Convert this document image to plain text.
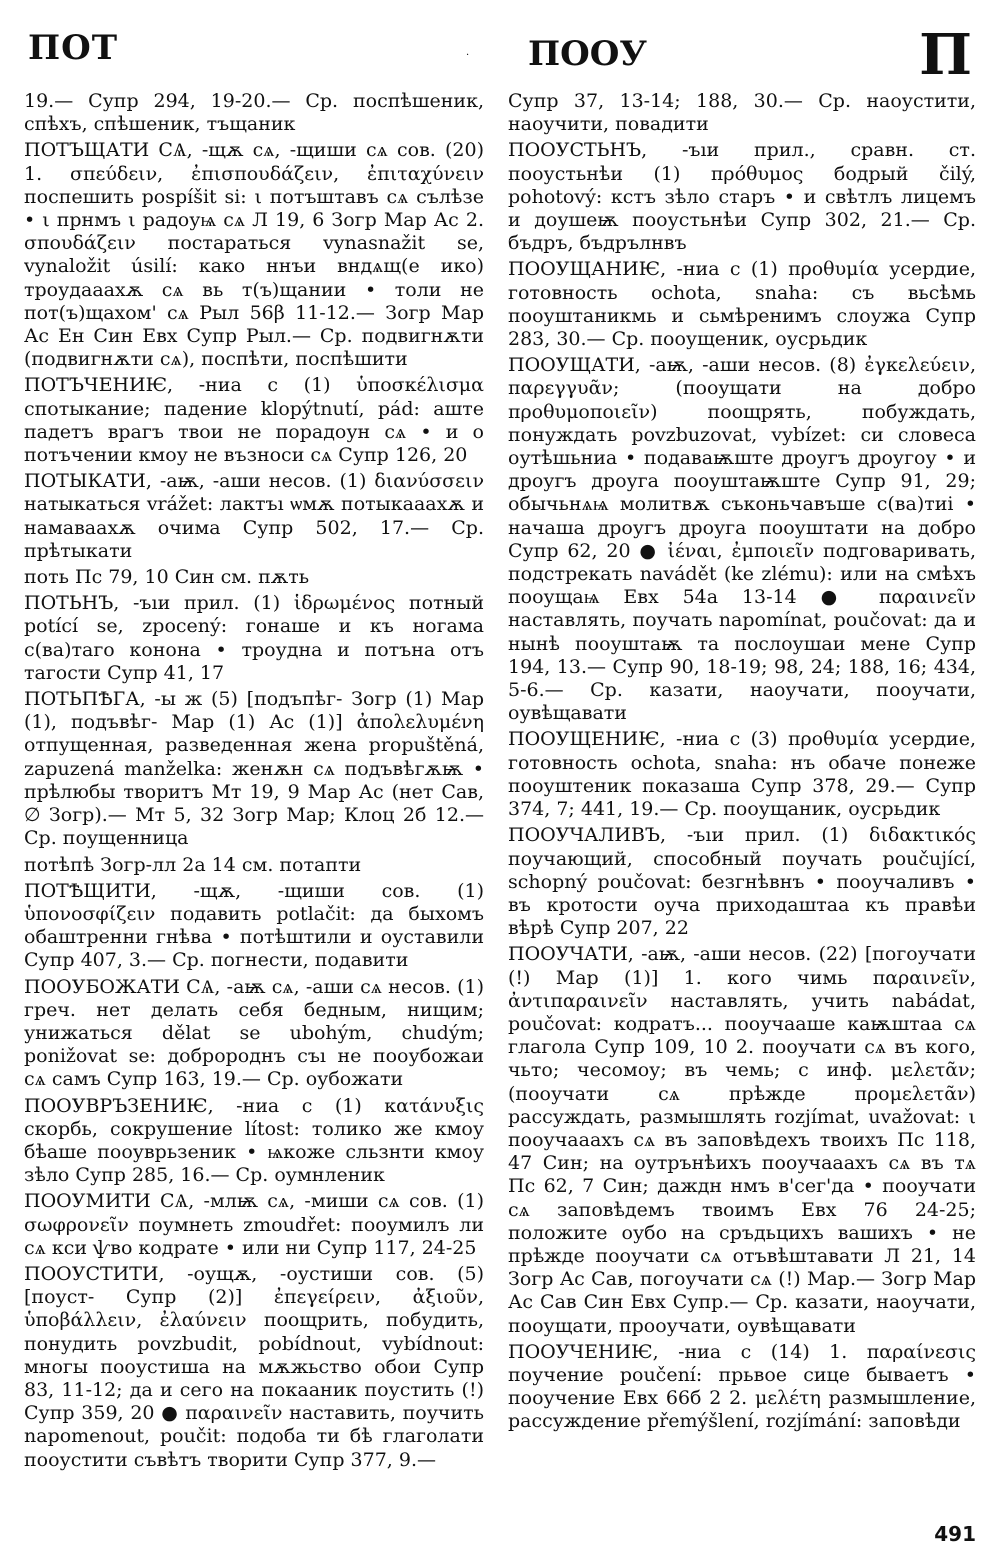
ПОТ	· ПООУ	П

19.— Супр 294, 19-20.— Ср. поспѣшеник, спѣхъ, спѣшеник, тъщаник

ПОТЪЩАТИ СѦ, -щѫ сѧ, -щиши сѧ сов. (20) 1. σπεύδειν, ἐπισπουδάζειν, ἐπιταχύνειν поспешить pospíšit si: ι потъштавъ сѧ сълѣзе • ι прнмъ ι радоуѩ сѧ Л 19, 6 Зогр Мар Ас 2. σπουδάζειν постараться vynasnažit se, vynaložit úsilí: како ннъи вндѧщ(е ико) троудааахѫ сѧ вь т(ъ)щании • толи не пот(ъ)щахом' сѧ Рыл 56β 11-12.— Зогр Мар Ас Ен Син Евх Супр Рыл.— Ср. подвигнѫти (подвигнѫти сѧ), поспѣти, поспѣшити

ПОТЪЧЕНИѤ, -ниа с (1) ὑποσκέλισμα спотыкание; падение klopýtnutí, pád: аште падетъ врагъ твои не порадоун сѧ • и о потъчении кмоу не възноси сѧ Супр 126, 20

ПОТЫКАТИ, -аѭ, -аши несов. (1) διανύσσειν натыкаться vrážet: лактъı ѡмѫ потыкааахѫ и намаваахѫ очима Супр 502, 17.— Ср. прѣтыкати

поть Пс 79, 10 Син см. пѫть

ПОТЬНЪ, -ъıи прил. (1) ἱδρωμένος потный potící se, zpocený: гонаше и къ ногама с(ва)таго конона • троудна и потъна отъ тагости Супр 41, 17

ПОТЬПѢГА, -ы ж (5) [подъпѣг- Зогр (1) Мар (1), подъвѣг- Мар (1) Ас (1)] ἀπολελυμένη отпущенная, разведенная жена propuštěná, zapuzená manželka: женѫн сѧ подъвѣгѫѭ • прѣлюбы творитъ Мт 19, 9 Мар Ас (нет Сав, ∅ Зогр).— Мт 5, 32 Зогр Мар; Клоц 2б 12.— Ср. поущенница

потѣпѣ Зогр-лл 2а 14 см. потапти

ПОТѢЩИТИ, -щѫ, -щиши сов. (1) ὑπονοσφίζειν подавить potlačit: да быхомъ обаштренни гнѣва • потѣштили и оуставили Супр 407, 3.— Ср. погнести, подавити

ПООУБОЖАТИ СѦ, -аѭ сѧ, -аши сѧ несов. (1) греч. нет делать себя бедным, нищим; унижаться dělat se ubohým, chudým; ponižovat se: добророднъ съı не пооубожаи сѧ самъ Супр 163, 19.— Ср. оубожати

ПООУВРЪЗЕНИѤ, -ниа с (1) κατάνυξις скорбь, сокрушение lítost: толико же кмоу бѣаше пооуврьзеник • ѩкоже сльзнти кмоу зѣло Супр 285, 16.— Ср. оумнленик

ПООУМИТИ СѦ, -млѭ сѧ, -миши сѧ сов. (1) σωφρονεῖν поумнеть zmoudřet: пооумилъ ли сѧ кси ѱво кодрате • или ни Супр 117, 24-25

ПООУСТИТИ, -оущѫ, -оустиши сов. (5) [поуст- Супр (2)] ἐπεγείρειν, ἀξιοῦν, ὑποβάλλειν, ἐλαύνειν поощрить, побудить, понудить povzbudit, pobídnout, vybídnout: многы пооустиша на мѫжьство обои Супр 83, 11-12; да и сего на покааник поустить (!) Супр 359, 20 ● παραινεῖν наставить, поучить napomenout, poučit: подоба ти бѣ глаголати пооустити съвѣтъ творити Супр 377, 9.—

Супр 37, 13-14; 188, 30.— Ср. наоустити, наоучити, повадити

ПООУСТЬНЪ, -ъıи прил., сравн. ст. пооустьнѣи (1) πρόθυμος бодрый čilý, pohotový: кстъ зѣло старъ • и свѣтлъ лицемъ и доушеѭ пооустьнѣи Супр 302, 21.— Ср. бъдръ, бъдрълнвъ

ПООУЩАНИѤ, -ниа с (1) προθυμία усердие, готовность ochota, snaha: съ вьсѣмь пооуштаникмь и сьмѣренимъ слоужа Супр 283, 30.— Ср. пооущеник, оусрьдик

ПООУЩАТИ, -аѭ, -аши несов. (8) ἐγκελεύειν, παρεγγυᾶν; (пооущати на добро προθυμοποιεῖν) поощрять, побуждать, понуждать povzbuzovat, vybízet: си словеса оутѣшьниа • подаваѭште дроугъ дроугоу • и дроугъ дроуга пооуштаѭште Супр 91, 29; обычьнѧѩ молитвѫ съконьчавъше с(ва)тиі • начаша дроугъ дроуга пооуштати на добро Супр 62, 20 ● ἰέναι, ἐμποιεῖν подговаривать, подстрекать navádět (ke zlému): или на смѣхъ пооущаѩ Евх 54а 13-14 ● παραινεῖν наставлять, поучать napomínat, poučovat: да и нынѣ пооуштаѭ та послоушаи мене Супр 194, 13.— Супр 90, 18-19; 98, 24; 188, 16; 434, 5-6.— Ср. казати, наоучати, пооучати, оувѣщавати

ПООУЩЕНИѤ, -ниа с (3) προθυμία усердие, готовность ochota, snaha: нъ обаче понеже пооуштеник показаша Супр 378, 29.— Супр 374, 7; 441, 19.— Ср. пооущаник, оусрьдик

ПООУЧАЛИВЪ, -ъıи прил. (1) διδακτικός поучающий, способный поучать poučující, schopný poučovat: безгнѣвнъ • пооучаливъ • въ кротости оуча приходаштаа къ правѣи вѣрѣ Супр 207, 22

ПООУЧАТИ, -аѭ, -аши несов. (22) [погоучати (!) Мар (1)] 1. кого чимь παραινεῖν, ἀντιπαραινεῖν наставлять, учить nabádat, poučovat: кодратъ... пооучааше каѭштаа сѧ глагола Супр 109, 10 2. пооучати сѧ въ кого, чьто; чесомоу; въ чемь; с инф. μελετᾶν; (пооучати сѧ прѣжде προμελετᾶν) рассуждать, размышлять rozjímat, uvažovat: ι пооучааахъ сѧ въ заповѣдехъ твоихъ Пс 118, 47 Син; на оутрънѣихъ пооучааахъ сѧ въ тѧ Пс 62, 7 Син; даждн нмъ в'сег'да • пооучати сѧ заповѣдемъ твоимъ Евх 76 24-25; положите оубо на сръдьцихъ вашихъ • не прѣжде пооучати сѧ отъвѣштавати Л 21, 14 Зогр Ас Сав, погоучати сѧ (!) Мар.— Зогр Мар Ас Сав Син Евх Супр.— Ср. казати, наоучати, пооущати, прооучати, оувѣщавати

ПООУЧЕНИѤ, -ниа с (14) 1. παραίνεσις поучение poučení: прьвое сице бываетъ • пооучение Евх 66б 2 2. μελέτη размышление, рассуждение přemýšlení, rozjímání: заповѣди

491
